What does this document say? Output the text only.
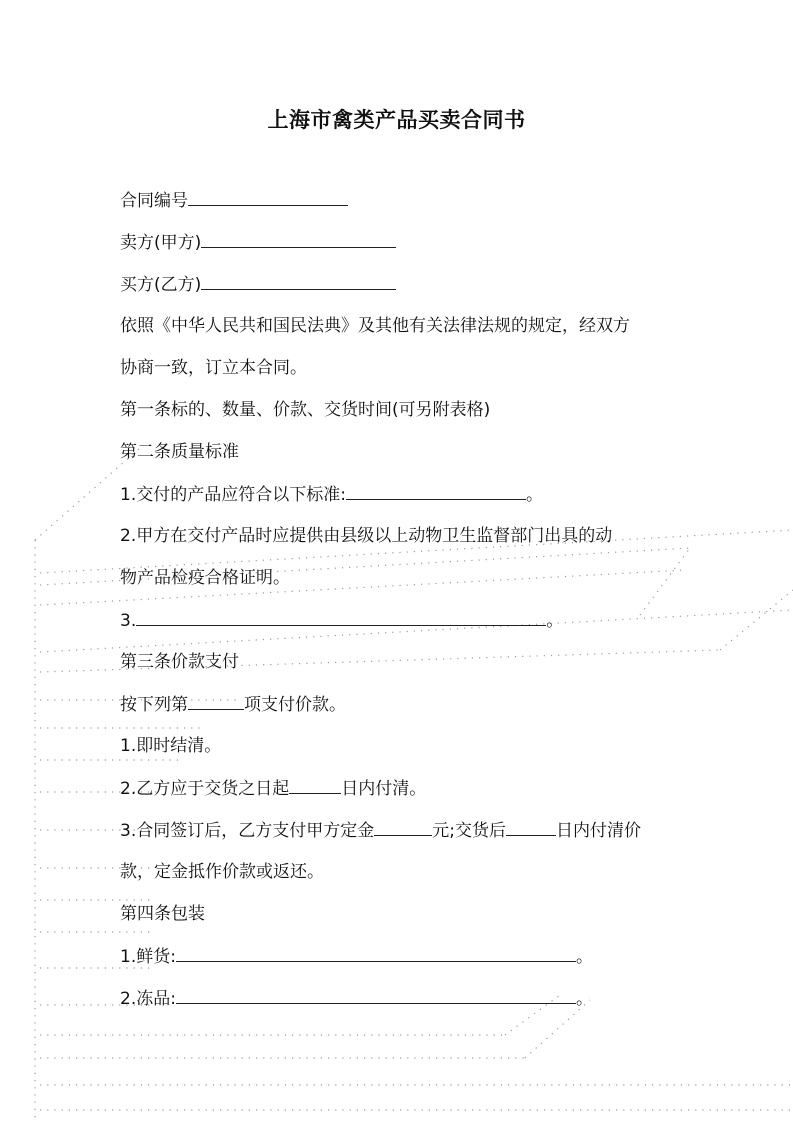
上海市禽类产品买卖合同书
合同编号
卖方(甲方)
买方(乙方)
依照《中华人民共和国民法典》及其他有关法律法规的规定，经双方
协商一致，订立本合同。
第一条标的、数量、价款、交货时间(可另附表格)
第二条质量标准
1.交付的产品应符合以下标准:	。
2.甲方在交付产品时应提供由县级以上动物卫生监督部门出具的动
物产品检疫合格证明。
3.	。
第三条价款支付
按下列第	项支付价款。
1.即时结清。
2.乙方应于交货之日起	日内付清。
3.合同签订后，乙方支付甲方定金	元;交货后	日内付清价
款，定金抵作价款或返还。
第四条包装
1.鲜货:	。
2.冻品:	。
